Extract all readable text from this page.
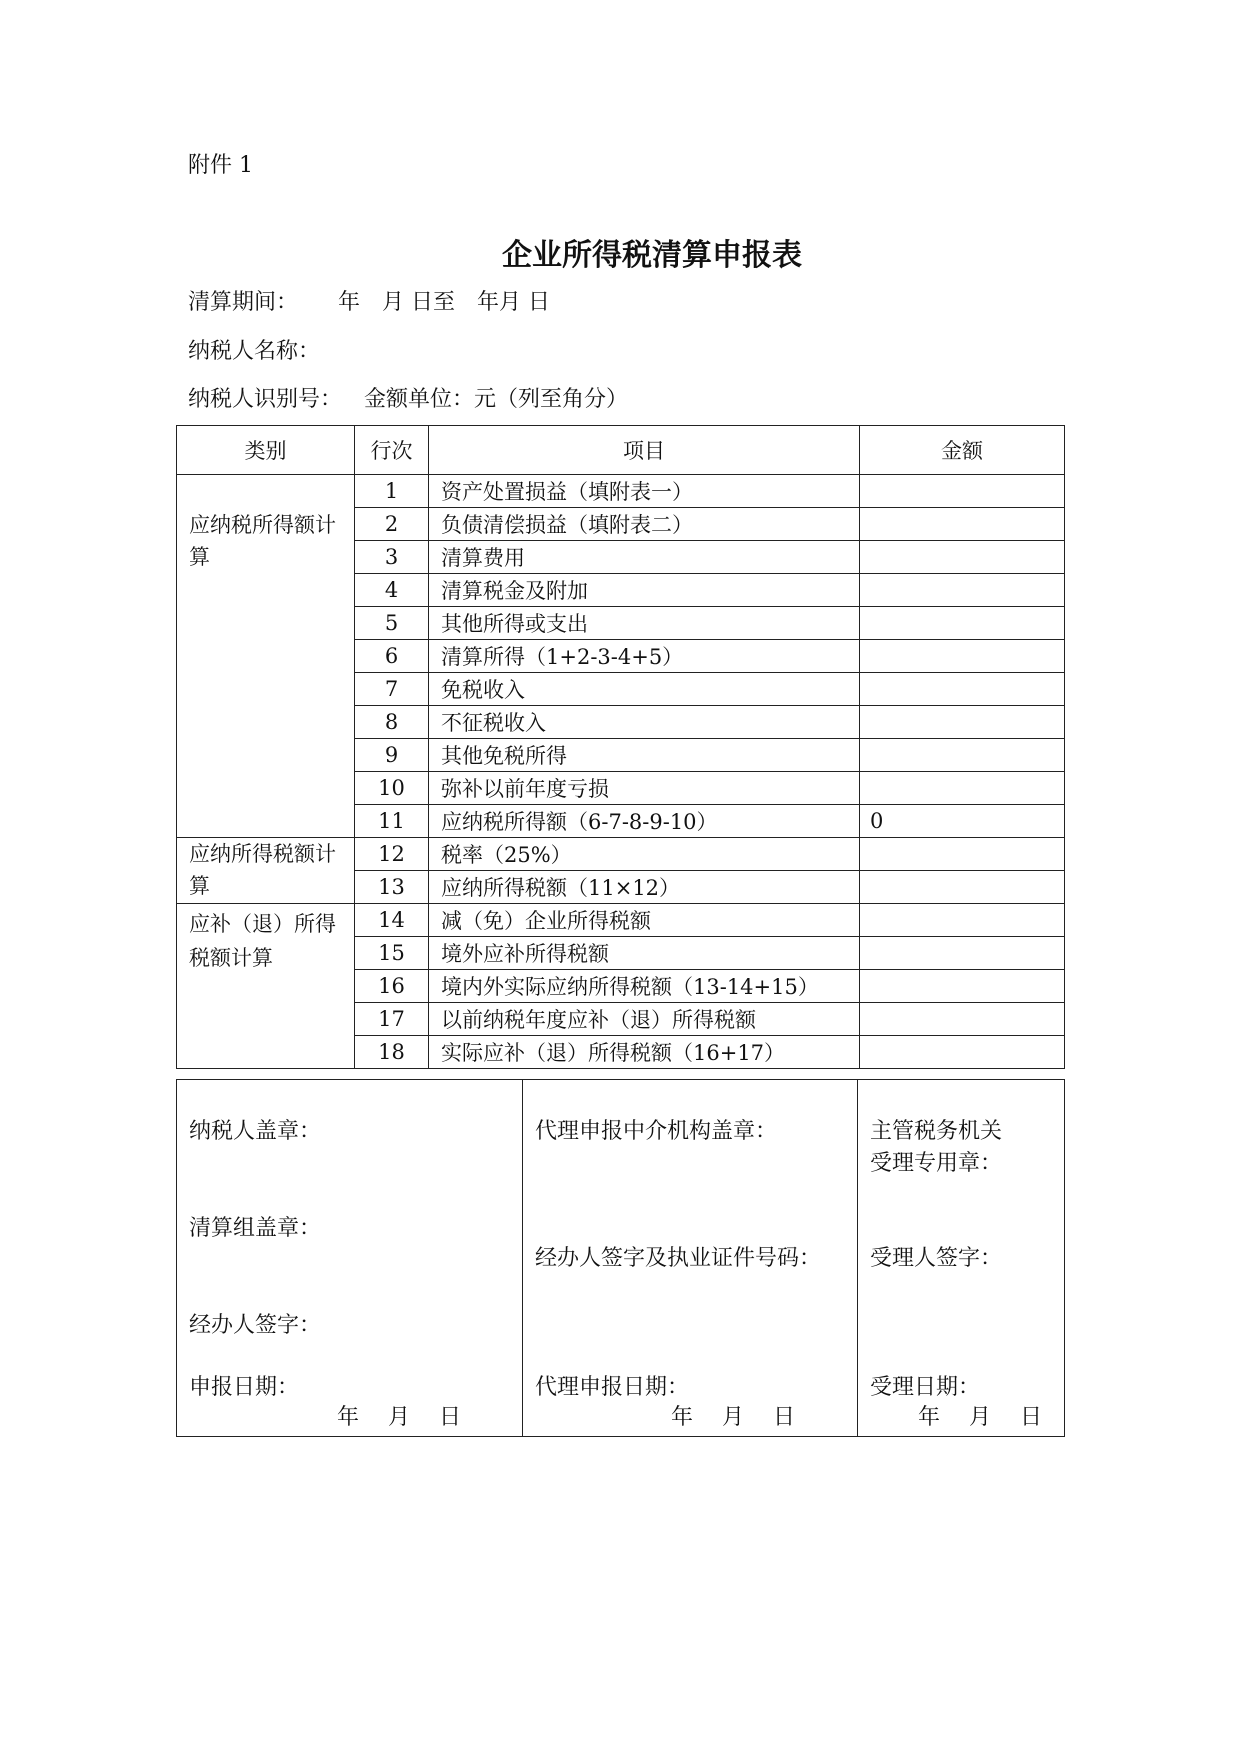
附件 1
企业所得税清算申报表
清算期间： 年　月 日至　年月 日
纳税人名称：
纳税人识别号： 金额单位：元（列至角分）
类别	行次	项目	金额
应纳税所得额计算	1	资产处置损益（填附表一）	
	2	负债清偿损益（填附表二）	
	3	清算费用	
	4	清算税金及附加	
	5	其他所得或支出	
	6	清算所得（1+2-3-4+5）	
	7	免税收入	
	8	不征税收入	
	9	其他免税所得	
	10	弥补以前年度亏损	
	11	应纳税所得额（6-7-8-9-10）	0
应纳所得税额计算	12	税率（25%）	
	13	应纳所得税额（11×12）	
应补（退）所得税额计算	14	减（免）企业所得税额	
	15	境外应补所得税额	
	16	境内外实际应纳所得税额（13-14+15）	
	17	以前纳税年度应补（退）所得税额	
	18	实际应补（退）所得税额（16+17）	
纳税人盖章：
清算组盖章：
经办人签字：
申报日期：
年　 月　 日

代理申报中介机构盖章：
经办人签字及执业证件号码：
代理申报日期：
年　 月　 日

主管税务机关
受理专用章：
受理人签字：
受理日期：
年　 月　 日
